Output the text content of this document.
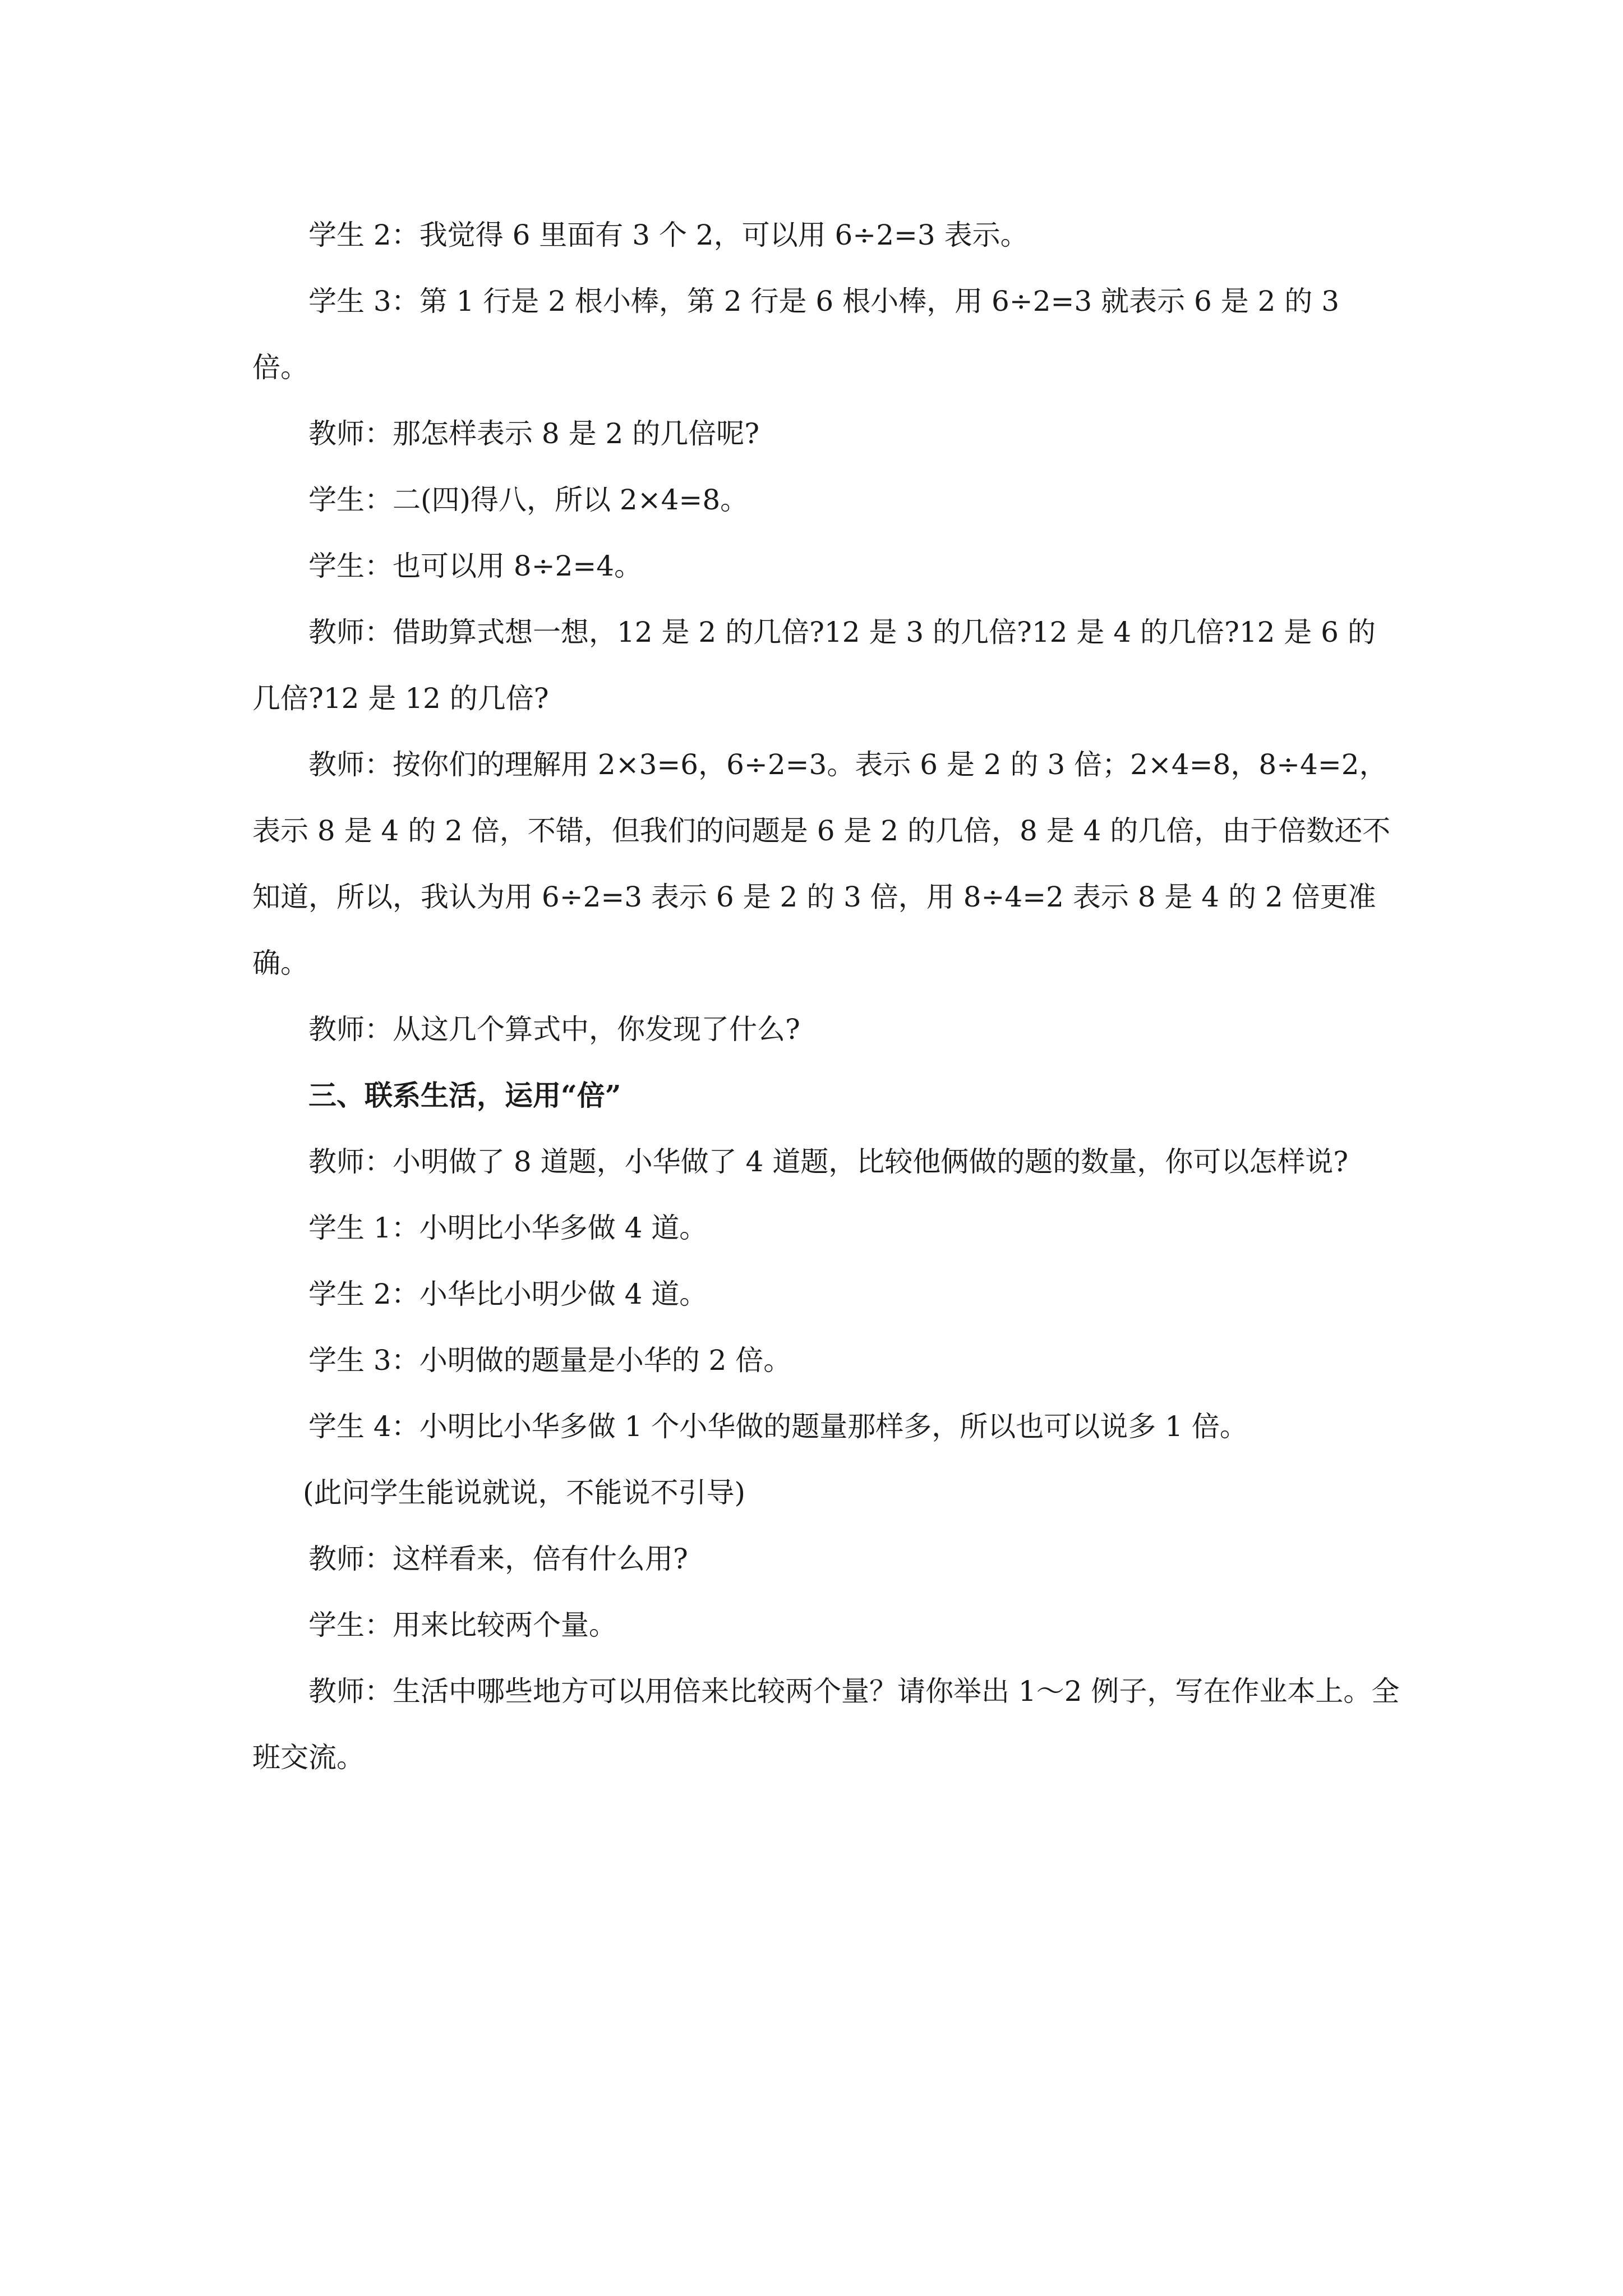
学生 2：我觉得 6 里面有 3 个 2，可以用 6÷2=3 表示。

学生 3：第 1 行是 2 根小棒，第 2 行是 6 根小棒，用 6÷2=3 就表示 6 是 2 的 3 倍。

教师：那怎样表示 8 是 2 的几倍呢?

学生：二(四)得八，所以 2×4=8。

学生：也可以用 8÷2=4。

教师：借助算式想一想，12 是 2 的几倍?12 是 3 的几倍?12 是 4 的几倍?12 是 6 的几倍?12 是 12 的几倍?

教师：按你们的理解用 2×3=6，6÷2=3。表示 6 是 2 的 3 倍；2×4=8，8÷4=2，表示 8 是 4 的 2 倍，不错，但我们的问题是 6 是 2 的几倍，8 是 4 的几倍，由于倍数还不知道，所以，我认为用 6÷2=3 表示 6 是 2 的 3 倍，用 8÷4=2 表示 8 是 4 的 2 倍更准确。

教师：从这几个算式中，你发现了什么?

三、联系生活，运用“倍”

教师：小明做了 8 道题，小华做了 4 道题，比较他俩做的题的数量，你可以怎样说?

学生 1：小明比小华多做 4 道。

学生 2：小华比小明少做 4 道。

学生 3：小明做的题量是小华的 2 倍。

学生 4：小明比小华多做 1 个小华做的题量那样多，所以也可以说多 1 倍。

(此问学生能说就说，不能说不引导)

教师：这样看来，倍有什么用?

学生：用来比较两个量。

教师：生活中哪些地方可以用倍来比较两个量？请你举出 1～2 例子，写在作业本上。全班交流。
